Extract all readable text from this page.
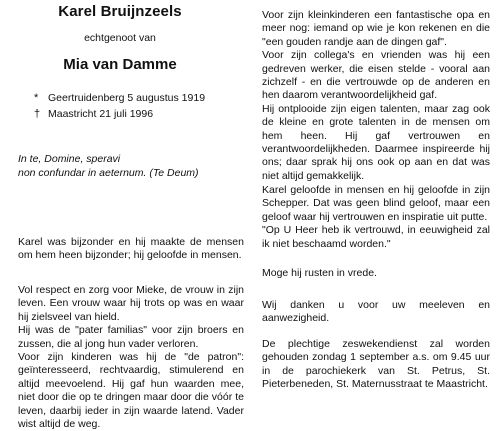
Karel Bruijnzeels
echtgenoot van
Mia van Damme
* Geertruidenberg 5 augustus 1919
† Maastricht 21 juli 1996
In te, Domine, speravi
non confundar in aeternum. (Te Deum)
Karel was bijzonder en hij maakte de mensen om hem heen bijzonder; hij geloofde in mensen.
Vol respect en zorg voor Mieke, de vrouw in zijn leven. Een vrouw waar hij trots op was en waar hij zielsveel van hield.
Hij was de "pater familias" voor zijn broers en zussen, die al jong hun vader verloren.
Voor zijn kinderen was hij de "de patron": geïnteresseerd, rechtvaardig, stimulerend en altijd meevoelend. Hij gaf hun waarden mee, niet door die op te dringen maar door die vóór te leven, daarbij ieder in zijn waarde latend. Vader wist altijd de weg.
Voor zijn kleinkinderen een fantastische opa en meer nog: iemand op wie je kon rekenen en die "een gouden randje aan de dingen gaf".
Voor zijn collega's en vrienden was hij een gedreven werker, die eisen stelde - vooral aan zichzelf - en die vertrouwde op de anderen en hen daarom verantwoordelijkheid gaf.
Hij ontplooide zijn eigen talenten, maar zag ook de kleine en grote talenten in de mensen om hem heen. Hij gaf vertrouwen en verantwoordelijkheden. Daarmee inspireerde hij ons; daar sprak hij ons ook op aan en dat was niet altijd gemakkelijk.
Karel geloofde in mensen en hij geloofde in zijn Schepper. Dat was geen blind geloof, maar een geloof waar hij vertrouwen en inspiratie uit putte.
"Op U Heer heb ik vertrouwd, in eeuwigheid zal ik niet beschaamd worden."
Moge hij rusten in vrede.
Wij danken u voor uw meeleven en aanwezigheid.
De plechtige zeswekendienst zal worden gehouden zondag 1 september a.s. om 9.45 uur in de parochiekerk van St. Petrus, St. Pieterbeneden, St. Maternusstraat te Maastricht.
